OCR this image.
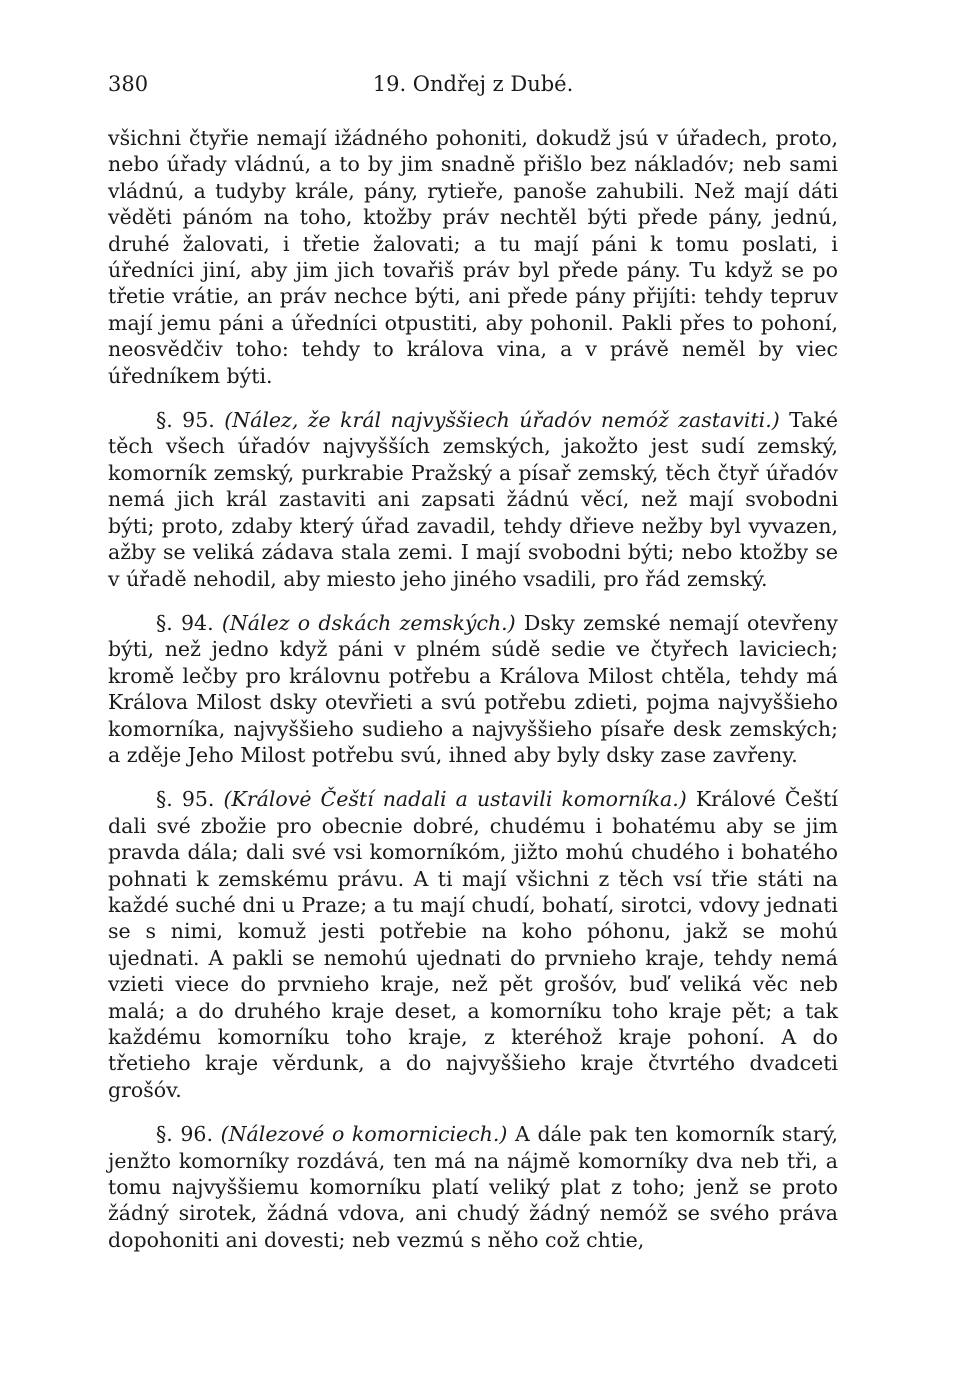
380	19. Ondřej z Dubé.

všichni čtyřie nemají ižádného pohoniti, dokudž jsú v úřadech, proto, nebo úřady vládnú, a to by jim snadně přišlo bez nákladóv; neb sami vládnú, a tudyby krále, pány, rytieře, panoše zahubili. Než mají dáti věděti pánóm na toho, ktožby práv nechtěl býti přede pány, jednú, druhé žalovati, i třetie žalovati; a tu mají páni k tomu poslati, i úředníci jiní, aby jim jich tovařiš práv byl přede pány. Tu když se po třetie vrátie, an práv nechce býti, ani přede pány přijíti: tehdy tepruv mají jemu páni a úředníci otpustiti, aby pohonil. Pakli přes to pohoní, neosvědčiv toho: tehdy to králova vina, a v právě neměl by viec úředníkem býti.

§. 95. (Nález, že král najvyššiech úřadóv nemóž zastaviti.) Také těch všech úřadóv najvyšších zemských, jakožto jest sudí zemský, komorník zemský, purkrabie Pražský a písař zemský, těch čtyř úřadóv nemá jich král zastaviti ani zapsati žádnú věcí, než mají svobodni býti; proto, zdaby který úřad zavadil, tehdy dřieve nežby byl vyvazen, ažby se veliká zádava stala zemi. I mají svobodni býti; nebo ktožby se v úřadě nehodil, aby miesto jeho jiného vsadili, pro řád zemský.

§. 94. (Nález o dskách zemských.) Dsky zemské nemají otevřeny býti, než jedno když páni v plném súdě sedie ve čtyřech laviciech; kromě lečby pro královnu potřebu a Králova Milost chtěla, tehdy má Králova Milost dsky otevřieti a svú potřebu zdieti, pojma najvyššieho komorníka, najvyššieho sudieho a najvyššieho písaře desk zemských; a zděje Jeho Milost potřebu svú, ihned aby byly dsky zase zavřeny.

§. 95. (Královė Čeští nadali a ustavili komorníka.) Králové Čeští dali své zbožie pro obecnie dobré, chudému i bohatému aby se jim pravda dála; dali své vsi komorníkóm, jižto mohú chudého i bohatého pohnati k zemskému právu. A ti mají všichni z těch vsí třie státi na každé suché dni u Praze; a tu mají chudí, bohatí, sirotci, vdovy jednati se s nimi, komuž jesti potřebie na koho póhonu, jakž se mohú ujednati. A pakli se nemohú ujednati do prvnieho kraje, tehdy nemá vzieti viece do prvnieho kraje, než pět grošóv, buď veliká věc neb malá; a do druhého kraje deset, a komorníku toho kraje pět; a tak každému komorníku toho kraje, z kteréhož kraje pohoní. A do třetieho kraje věrdunk, a do najvyššieho kraje čtvrtého dvadceti grošóv.

§. 96. (Nálezové o komorniciech.) A dále pak ten komorník starý, jenžto komorníky rozdává, ten má na nájmě komorníky dva neb tři, a tomu najvyššiemu komorníku platí veliký plat z toho; jenž se proto žádný sirotek, žádná vdova, ani chudý žádný nemóž se svého práva dopohoniti ani dovesti; neb vezmú s něho což chtie,
